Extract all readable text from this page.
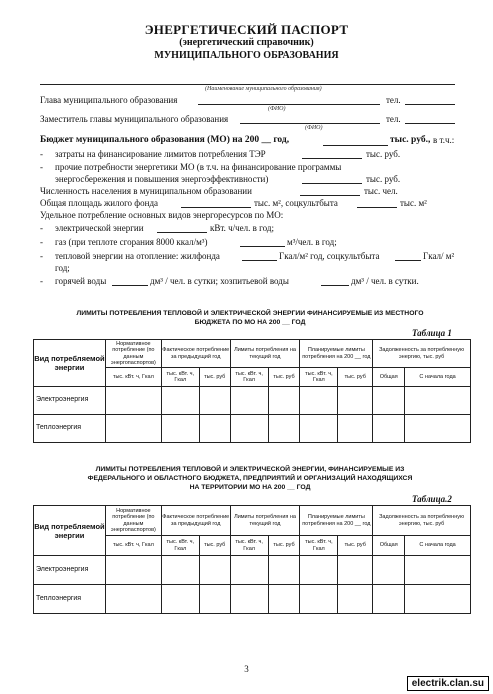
ЭНЕРГЕТИЧЕСКИЙ ПАСПОРТ
(энергетический справочник)
МУНИЦИПАЛЬНОГО ОБРАЗОВАНИЯ
(Наименование муниципального образования)
Глава муниципального образования	тел.
(ФИО)
Заместитель главы муниципального образования	тел.
(ФИО)
Бюджет муниципального образования (МО) на 200 __ год,	тыс. руб., в т.ч.:
- затраты на финансирование лимитов потребления ТЭР	тыс. руб.
- прочие потребности энергетики МО (в т.ч. на финансирование программы
энергосбережения и повышения энергоэффективности)	тыс. руб.
Численность населения в муниципальном образовании	тыс. чел.
Общая площадь жилого фонда	тыс. м², соцкультбыта	тыс. м²
Удельное потребление основных видов энергоресурсов по МО:
- электрической энергии	кВт. ч/чел. в год;
- газ (при теплоте сгорания 8000 ккал/м³)	м³/чел. в год;
- тепловой энергии на отопление: жилфонда	Гкал/м² год, соцкультбыта	Гкал/ м²
год;
- горячей воды	дм³ / чел. в сутки; хозпитьевой воды	дм³ / чел. в сутки.
ЛИМИТЫ ПОТРЕБЛЕНИЯ ТЕПЛОВОЙ И ЭЛЕКТРИЧЕСКОЙ ЭНЕРГИИ ФИНАНСИРУЕМЫЕ ИЗ МЕСТНОГО
БЮДЖЕТА ПО МО НА 200 __ ГОД
Таблица 1
Вид потребляемой энергии	Нормативное потребление (по данным энергопаспортов)	Фактическое потребление за предыдущий год		Лимиты потребления на текущий год		Планируемые лимиты потребления на 200 __ год		Задолженность за потребленную энергию, тыс. руб	
	тыс. кВт. ч, Гкал	тыс. кВт. ч, Гкал	тыс. руб	тыс. кВт. ч, Гкал	тыс. руб	тыс. кВт. ч, Гкал	тыс. руб	Общая	С начала года
Электроэнергия									
Теплоэнергия									
ЛИМИТЫ ПОТРЕБЛЕНИЯ ТЕПЛОВОЙ И ЭЛЕКТРИЧЕСКОЙ ЭНЕРГИИ, ФИНАНСИРУЕМЫЕ ИЗ
ФЕДЕРАЛЬНОГО И ОБЛАСТНОГО БЮДЖЕТА, ПРЕДПРИЯТИЙ И ОРГАНИЗАЦИЙ НАХОДЯЩИХСЯ
НА ТЕРРИТОРИИ МО НА 200 __ ГОД
Таблица.2
Вид потребляемой энергии	Нормативное потребление (по данным энергопаспортов)	Фактическое потребление за предыдущий год		Лимиты потребления на текущий год		Планируемые лимиты потребления на 200 __ год		Задолженность за потребленную энергию, тыс. руб	
	тыс. кВт. ч, Гкал	тыс. кВт. ч, Гкал	тыс. руб	тыс. кВт. ч, Гкал	тыс. руб	тыс. кВт. ч, Гкал	тыс. руб	Общая	С начала года
Электроэнергия									
Теплоэнергия									
3
electrik.clan.su
